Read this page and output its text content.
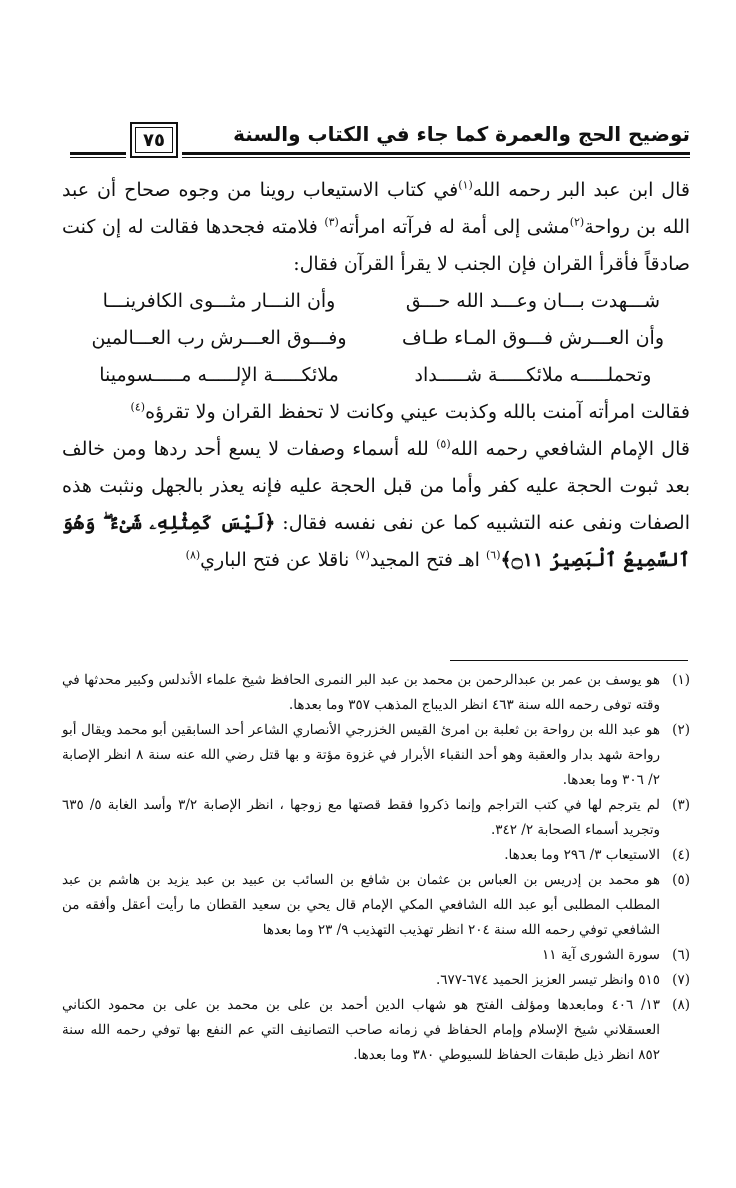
توضيح الحج والعمرة كما جاء في الكتاب والسنة
٧٥

قال ابن عبد البر رحمه الله$^{(١)}$في كتاب الاستيعاب روينا من وجوه صحاح أن عبد الله بن رواحة$^{(٢)}$مشى إلى أمة له فرآته امرأته$^{(٣)}$ فلامته فجحدها فقالت له إن كنت صادقاً فأقرأ القران فإن الجنب لا يقرأ القرآن فقال:

شـــهدت بـــان وعـــد الله حـــق	وأن النـــار مثـــوى الكافرينـــا
وأن العـــرش فـــوق المـاء طـاف	وفـــوق العـــرش رب العـــالمين
وتحملـــــه ملائكـــــة شـــــداد	ملائكـــــة الإلـــــه مـــــسومينا

فقالت امرأته آمنت بالله وكذبت عيني وكانت لا تحفظ القران ولا تقرؤه$^{(٤)}$

قال الإمام الشافعي رحمه الله$^{(٥)}$ لله أسماء وصفات لا يسع أحد ردها ومن خالف بعد ثبوت الحجة عليه كفر وأما من قبل الحجة عليه فإنه يعذر بالجهل ونثبت هذه الصفات ونفى عنه التشبيه كما عن نفى نفسه فقال: ﴿لَيْسَ كَمِثْلِهِۦ شَىْءٌ ۖ وَهُوَ ٱلسَّمِيعُ ٱلْبَصِيرُ ۝١١﴾$^{(٦)}$ اهـ فتح المجيد$^{(٧)}$ ناقلا عن فتح الباري$^{(٨)}$

(١)
هو يوسف بن عمر بن عبدالرحمن بن محمد بن عبد البر النمرى الحافظ شيخ علماء الأندلس وكبير محدثها في وقته توفى رحمه الله سنة ٤٦٣ انظر الديباج المذهب ٣٥٧ وما بعدها.

(٢)
هو عبد الله بن رواحة بن ثعلبة بن امرئ القيس الخزرجي الأنصاري الشاعر أحد السابقين أبو محمد ويقال أبو رواحة شهد بدار والعقبة وهو أحد النقباء الأبرار في غزوة مؤتة و بها قتل رضي الله عنه سنة ٨ انظر الإصابة ٢/ ٣٠٦ وما بعدها.

(٣)
لم يترجم لها في كتب التراجم وإنما ذكروا فقط قصتها مع زوجها ، انظر الإصابة ٣/٢ وأسد الغابة ٥/ ٦٣٥ وتجريد أسماء الصحابة ٢/ ٣٤٢.

(٤)
الاستيعاب ٣/ ٢٩٦ وما بعدها.

(٥)
هو محمد بن إدريس بن العباس بن عثمان بن شافع بن السائب بن عبيد بن عبد يزيد بن هاشم بن عبد المطلب المطلبى أبو عبد الله الشافعي المكي الإمام قال يحي بن سعيد القطان ما رأيت أعقل وأفقه من الشافعي توفي رحمه الله سنة ٢٠٤ انظر تهذيب التهذيب ٩/ ٢٣ وما بعدها

(٦)
سورة الشورى آية ١١

(٧)
٥١٥ وانظر تيسر العزيز الحميد ٦٧٤-٦٧٧.

(٨)
١٣/ ٤٠٦ ومابعدها ومؤلف الفتح هو شهاب الدين أحمد بن على بن محمد بن على بن محمود الكناني العسقلاني شيخ الإسلام وإمام الحفاظ في زمانه صاحب التصانيف التي عم النفع بها توفي رحمه الله سنة ٨٥٢ انظر ذيل طبقات الحفاظ للسيوطي ٣٨٠ وما بعدها.
